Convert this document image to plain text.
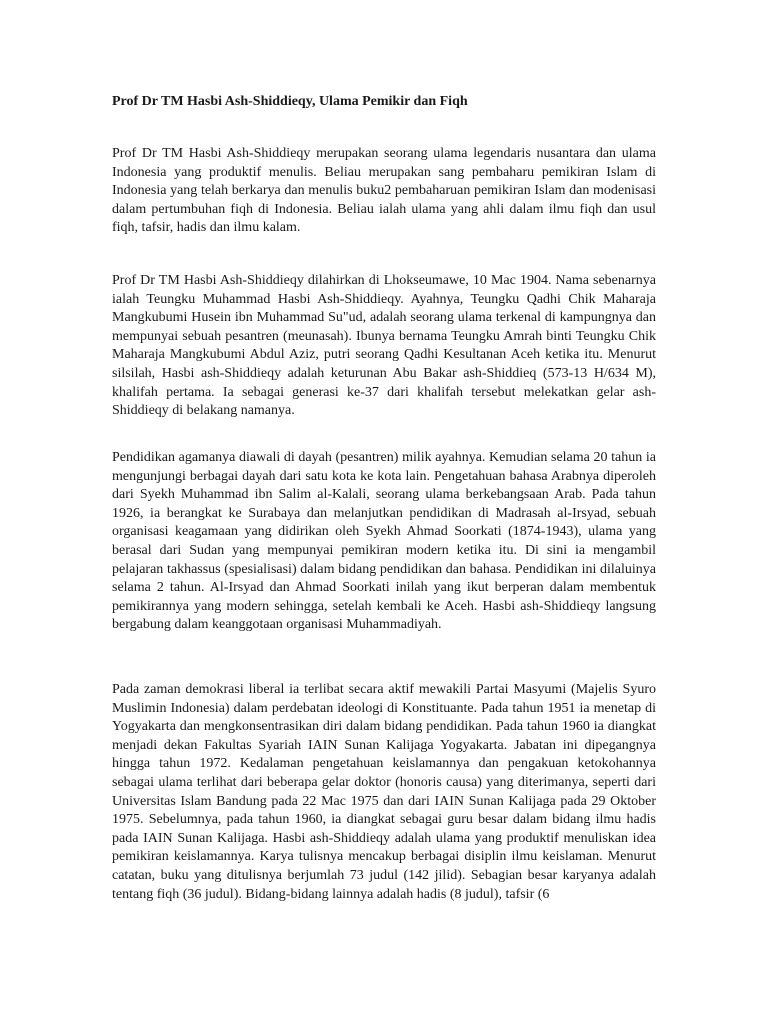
Prof Dr TM Hasbi Ash-Shiddieqy, Ulama Pemikir dan Fiqh

Prof Dr TM Hasbi Ash-Shiddieqy merupakan seorang ulama legendaris nusantara dan ulama Indonesia yang produktif menulis. Beliau merupakan sang pembaharu pemikiran Islam di Indonesia yang telah berkarya dan menulis buku2 pembaharuan pemikiran Islam dan modenisasi dalam pertumbuhan fiqh di Indonesia. Beliau ialah ulama yang ahli dalam ilmu fiqh dan usul fiqh, tafsir, hadis dan ilmu kalam.

Prof Dr TM Hasbi Ash-Shiddieqy dilahirkan di Lhokseumawe, 10 Mac 1904. Nama sebenarnya ialah Teungku Muhammad Hasbi Ash-Shiddieqy. Ayahnya, Teungku Qadhi Chik Maharaja Mangkubumi Husein ibn Muhammad Su"ud, adalah seorang ulama terkenal di kampungnya dan mempunyai sebuah pesantren (meunasah). Ibunya bernama Teungku Amrah binti Teungku Chik Maharaja Mangkubumi Abdul Aziz, putri seorang Qadhi Kesultanan Aceh ketika itu. Menurut silsilah, Hasbi ash-Shiddieqy adalah keturunan Abu Bakar ash-Shiddieq (573-13 H/634 M), khalifah pertama. Ia sebagai generasi ke-37 dari khalifah tersebut melekatkan gelar ash-Shiddieqy di belakang namanya.

Pendidikan agamanya diawali di dayah (pesantren) milik ayahnya. Kemudian selama 20 tahun ia mengunjungi berbagai dayah dari satu kota ke kota lain. Pengetahuan bahasa Arabnya diperoleh dari Syekh Muhammad ibn Salim al-Kalali, seorang ulama berkebangsaan Arab. Pada tahun 1926, ia berangkat ke Surabaya dan melanjutkan pendidikan di Madrasah al-Irsyad, sebuah organisasi keagamaan yang didirikan oleh Syekh Ahmad Soorkati (1874-1943), ulama yang berasal dari Sudan yang mempunyai pemikiran modern ketika itu. Di sini ia mengambil pelajaran takhassus (spesialisasi) dalam bidang pendidikan dan bahasa. Pendidikan ini dilaluinya selama 2 tahun. Al-Irsyad dan Ahmad Soorkati inilah yang ikut berperan dalam membentuk pemikirannya yang modern sehingga, setelah kembali ke Aceh. Hasbi ash-Shiddieqy langsung bergabung dalam keanggotaan organisasi Muhammadiyah.

Pada zaman demokrasi liberal ia terlibat secara aktif mewakili Partai Masyumi (Majelis Syuro Muslimin Indonesia) dalam perdebatan ideologi di Konstituante. Pada tahun 1951 ia menetap di Yogyakarta dan mengkonsentrasikan diri dalam bidang pendidikan. Pada tahun 1960 ia diangkat menjadi dekan Fakultas Syariah IAIN Sunan Kalijaga Yogyakarta. Jabatan ini dipegangnya hingga tahun 1972. Kedalaman pengetahuan keislamannya dan pengakuan ketokohannya sebagai ulama terlihat dari beberapa gelar doktor (honoris causa) yang diterimanya, seperti dari Universitas Islam Bandung pada 22 Mac 1975 dan dari IAIN Sunan Kalijaga pada 29 Oktober 1975. Sebelumnya, pada tahun 1960, ia diangkat sebagai guru besar dalam bidang ilmu hadis pada IAIN Sunan Kalijaga. Hasbi ash-Shiddieqy adalah ulama yang produktif menuliskan idea pemikiran keislamannya. Karya tulisnya mencakup berbagai disiplin ilmu keislaman. Menurut catatan, buku yang ditulisnya berjumlah 73 judul (142 jilid). Sebagian besar karyanya adalah tentang fiqh (36 judul). Bidang-bidang lainnya adalah hadis (8 judul), tafsir (6
